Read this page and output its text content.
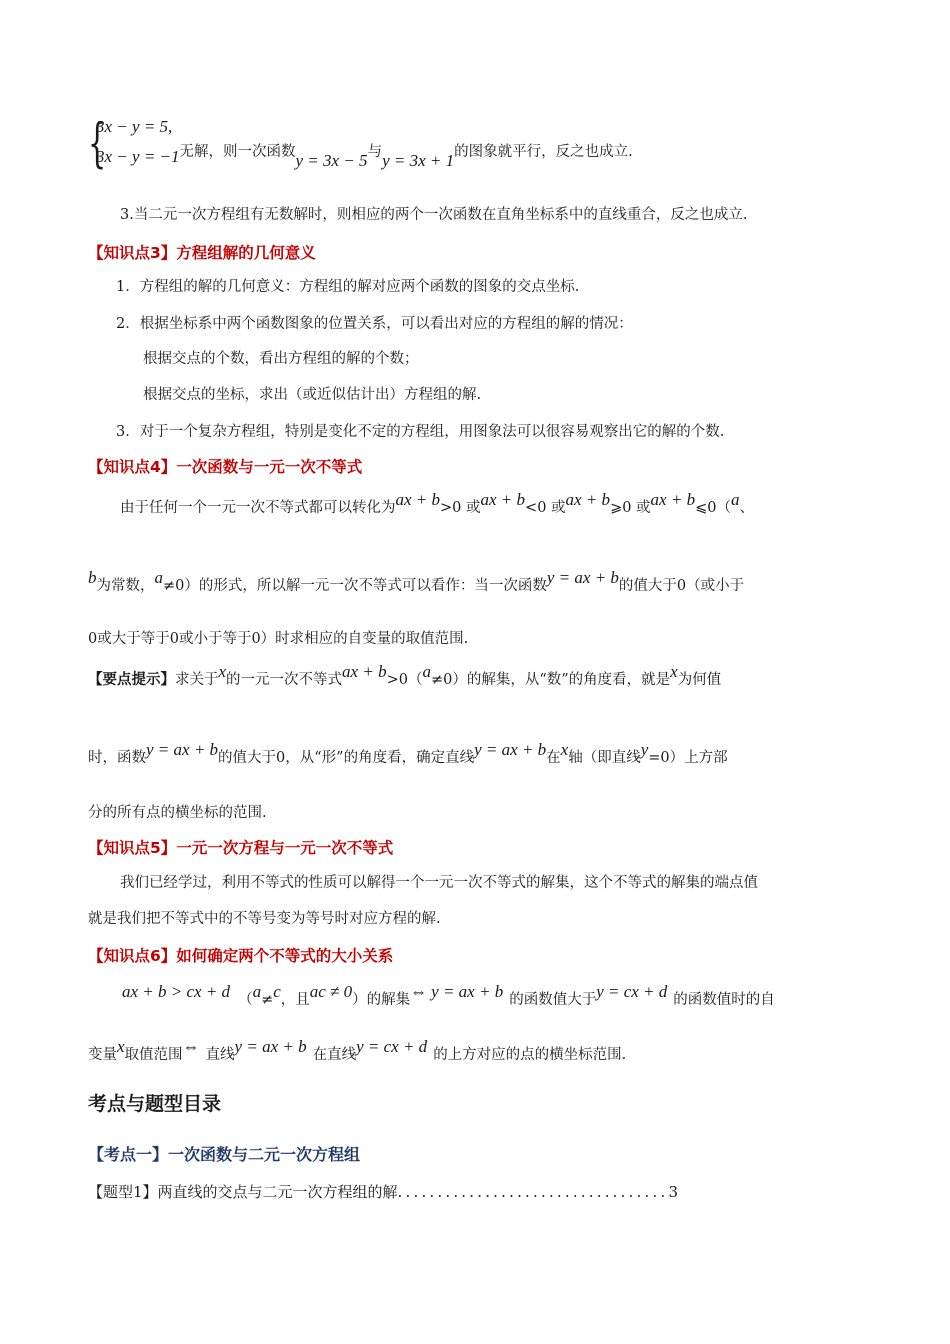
{
3x − y = 5,
3x − y = −1无解，则一次函数y = 3x − 5与y = 3x + 1的图象就平行，反之也成立.
3.当二元一次方程组有无数解时，则相应的两个一次函数在直角坐标系中的直线重合，反之也成立.
【知识点3】方程组解的几何意义
1．方程组的解的几何意义：方程组的解对应两个函数的图象的交点坐标.
2．根据坐标系中两个函数图象的位置关系，可以看出对应的方程组的解的情况：
根据交点的个数，看出方程组的解的个数；
根据交点的坐标，求出（或近似估计出）方程组的解.
3．对于一个复杂方程组，特别是变化不定的方程组，用图象法可以很容易观察出它的解的个数.
【知识点4】一次函数与一元一次不等式
由于任何一个一元一次不等式都可以转化为ax + b>0 或ax + b<0 或ax + b⩾0 或ax + b⩽0（a、
b为常数，a≠0）的形式，所以解一元一次不等式可以看作：当一次函数y = ax + b的值大于0（或小于
0或大于等于0或小于等于0）时求相应的自变量的取值范围.
【要点提示】求关于x的一元一次不等式ax + b>0（a≠0）的解集，从“数”的角度看，就是x为何值
时，函数y = ax + b的值大于0，从“形”的角度看，确定直线y = ax + b在x轴（即直线y=0）上方部
分的所有点的横坐标的范围.
【知识点5】一元一次方程与一元一次不等式
我们已经学过，利用不等式的性质可以解得一个一元一次不等式的解集，这个不等式的解集的端点值
就是我们把不等式中的不等号变为等号时对应方程的解.
【知识点6】如何确定两个不等式的大小关系
ax + b > cx + d （a≠c，且ac ≠ 0）的解集⇔ y = ax + b 的函数值大于y = cx + d 的函数值时的自
变量x取值范围⇔ 直线y = ax + b 在直线y = cx + d 的上方对应的点的横坐标范围.
考点与题型目录
【考点一】一次函数与二元一次方程组
【题型1】两直线的交点与二元一次方程组的解..................................3
